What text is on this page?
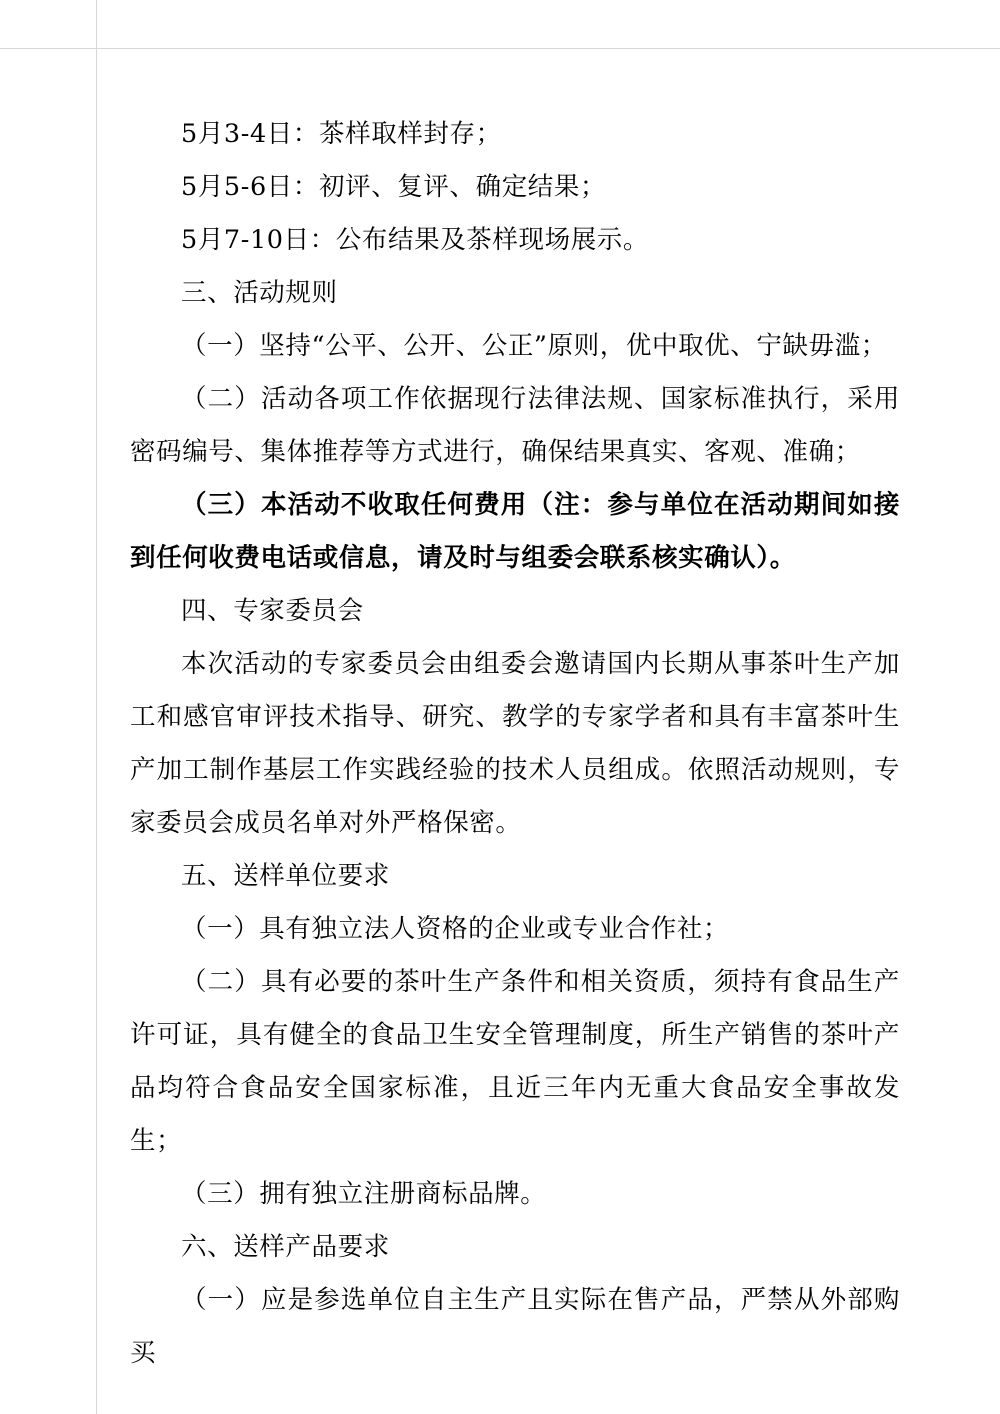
5月3-4日：茶样取样封存；

5月5-6日：初评、复评、确定结果；

5月7-10日：公布结果及茶样现场展示。

三、活动规则

（一）坚持“公平、公开、公正”原则，优中取优、宁缺毋滥；

（二）活动各项工作依据现行法律法规、国家标准执行，采用密码编号、集体推荐等方式进行，确保结果真实、客观、准确；

（三）本活动不收取任何费用（注：参与单位在活动期间如接到任何收费电话或信息，请及时与组委会联系核实确认）。

四、专家委员会

本次活动的专家委员会由组委会邀请国内长期从事茶叶生产加工和感官审评技术指导、研究、教学的专家学者和具有丰富茶叶生产加工制作基层工作实践经验的技术人员组成。依照活动规则，专家委员会成员名单对外严格保密。

五、送样单位要求

（一）具有独立法人资格的企业或专业合作社；

（二）具有必要的茶叶生产条件和相关资质，须持有食品生产许可证，具有健全的食品卫生安全管理制度，所生产销售的茶叶产品均符合食品安全国家标准，且近三年内无重大食品安全事故发生；

（三）拥有独立注册商标品牌。

六、送样产品要求

（一）应是参选单位自主生产且实际在售产品，严禁从外部购买
